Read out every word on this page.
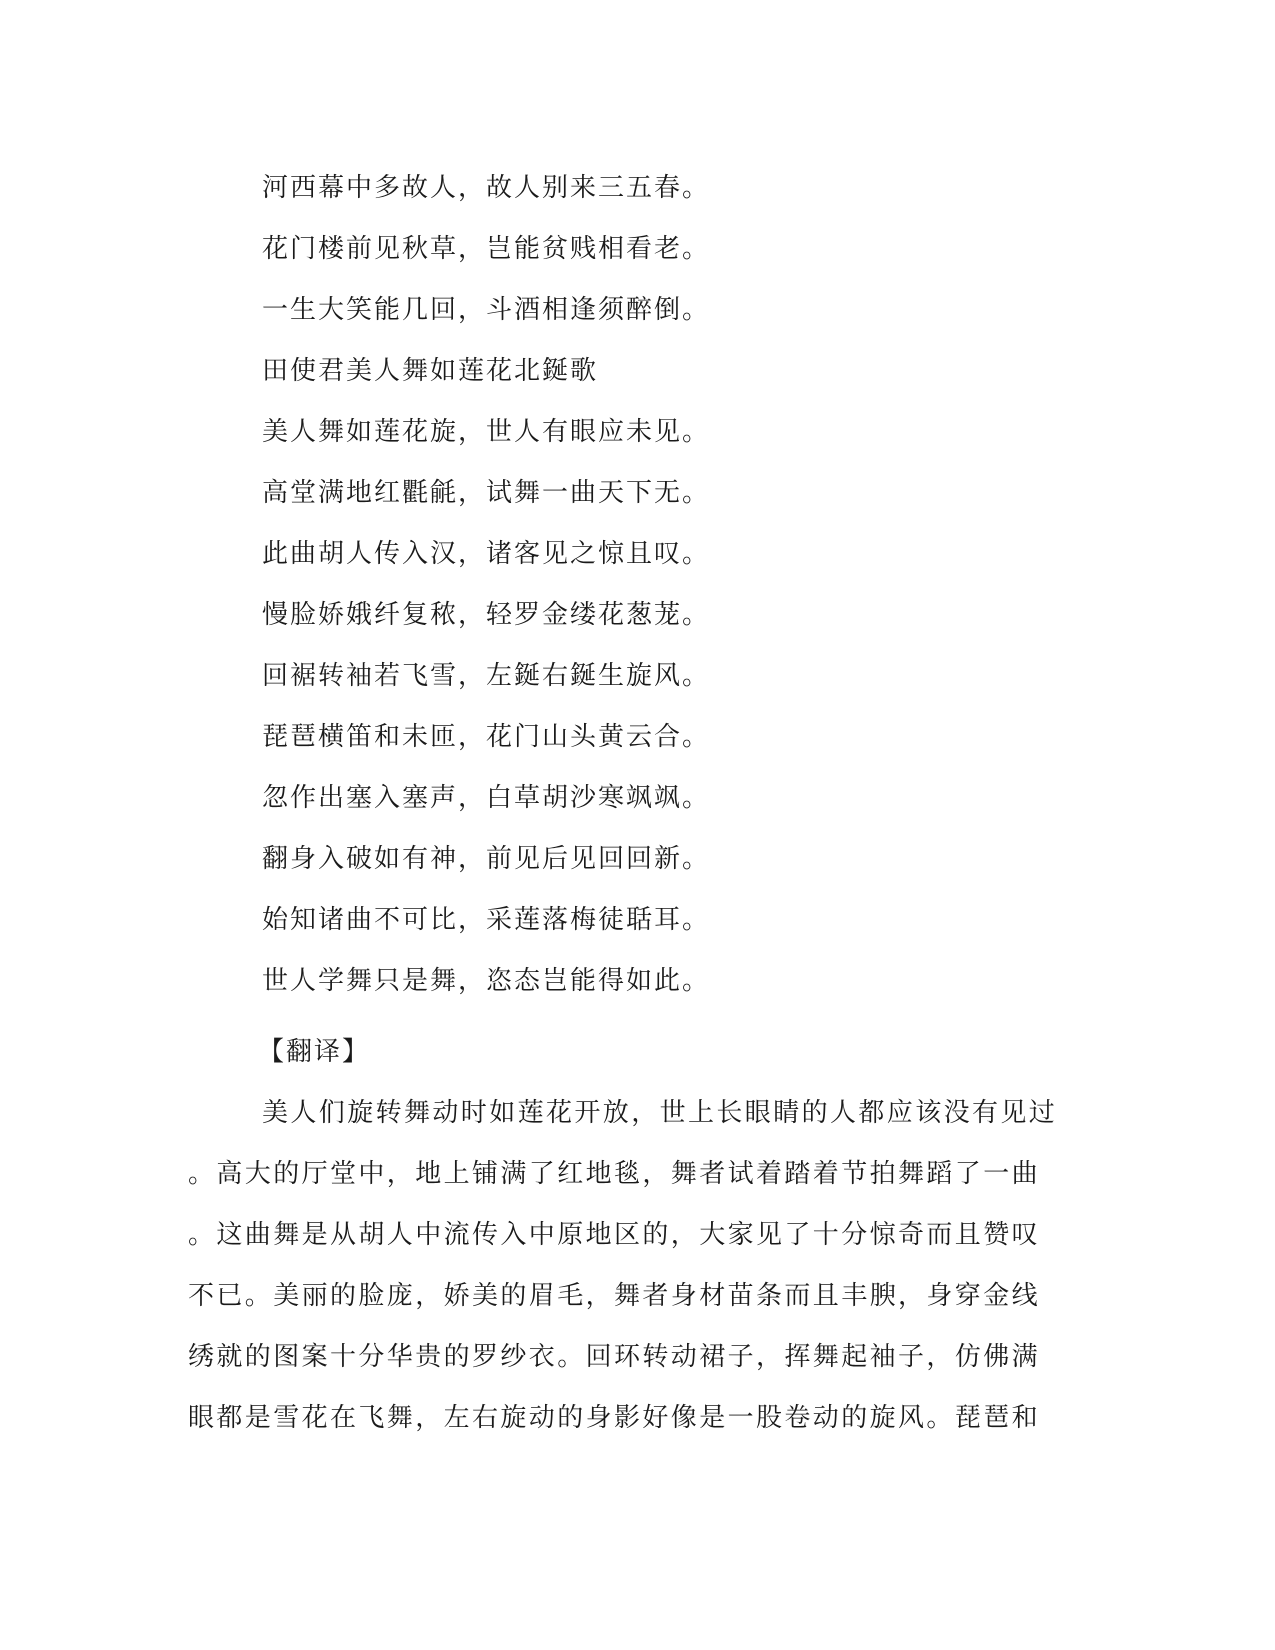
河西幕中多故人，故人别来三五春。
花门楼前见秋草，岂能贫贱相看老。
一生大笑能几回，斗酒相逢须醉倒。
田使君美人舞如莲花北鋋歌
美人舞如莲花旋，世人有眼应未见。
高堂满地红氍毹，试舞一曲天下无。
此曲胡人传入汉，诸客见之惊且叹。
慢脸娇娥纤复秾，轻罗金缕花葱茏。
回裾转袖若飞雪，左鋋右鋋生旋风。
琵琶横笛和未匝，花门山头黄云合。
忽作出塞入塞声，白草胡沙寒飒飒。
翻身入破如有神，前见后见回回新。
始知诸曲不可比，采莲落梅徒聒耳。
世人学舞只是舞，恣态岂能得如此。
【翻译】
美人们旋转舞动时如莲花开放，世上长眼睛的人都应该没有见过
。高大的厅堂中，地上铺满了红地毯，舞者试着踏着节拍舞蹈了一曲
。这曲舞是从胡人中流传入中原地区的，大家见了十分惊奇而且赞叹
不已。美丽的脸庞，娇美的眉毛，舞者身材苗条而且丰腴，身穿金线
绣就的图案十分华贵的罗纱衣。回环转动裙子，挥舞起袖子，仿佛满
眼都是雪花在飞舞，左右旋动的身影好像是一股卷动的旋风。琵琶和
